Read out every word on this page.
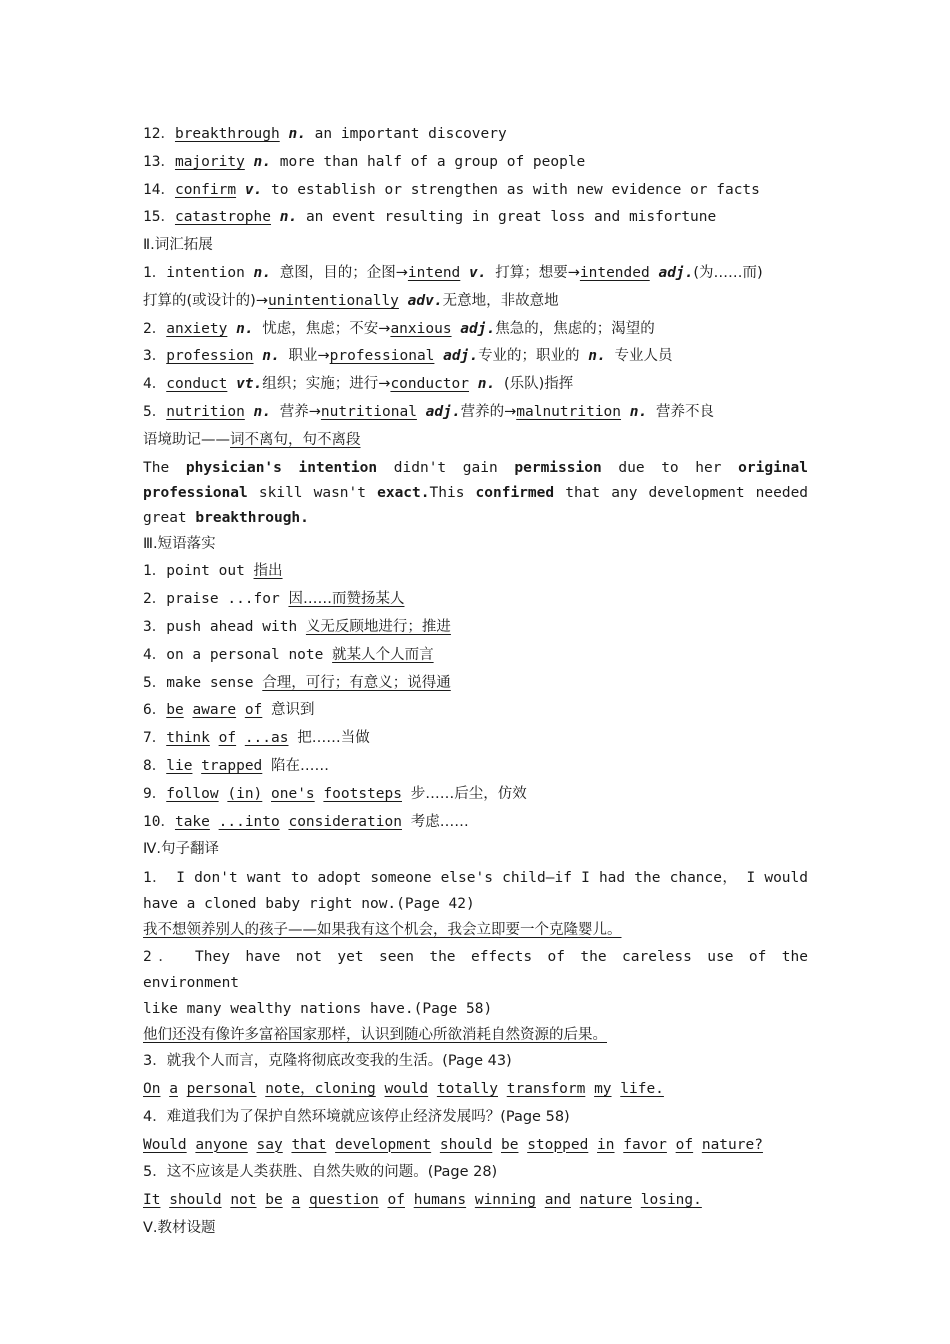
12．breakthrough n. an important discovery
13．majority n. more than half of a group of people
14．confirm v. to establish or strengthen as with new evidence or facts
15．catastrophe n. an event resulting in great loss and misfortune
Ⅱ.词汇拓展
1．intention n. 意图，目的；企图→intend v. 打算；想要→intended adj.(为……而)
打算的(或设计的)→unintentionally adv.无意地，非故意地
2．anxiety n. 忧虑，焦虑；不安→anxious adj.焦急的，焦虑的；渴望的
3．profession n. 职业→professional adj.专业的；职业的 n. 专业人员
4．conduct vt.组织；实施；进行→conductor n. (乐队)指挥
5．nutrition n. 营养→nutritional adj.营养的→malnutrition n. 营养不良
语境助记——词不离句，句不离段
The physician's intention didn't gain permission due to her original
professional skill wasn't exact.This confirmed that any development needed
great breakthrough.
Ⅲ.短语落实
1．point out 指出
2．praise ...for 因……而赞扬某人
3．push ahead with 义无反顾地进行；推进
4．on a personal note 就某人个人而言
5．make sense 合理，可行；有意义；说得通
6．be aware of 意识到
7．think of ...as 把……当做
8．lie trapped 陷在……
9．follow (in) one's footsteps 步……后尘，仿效
10．take ...into consideration 考虑……
Ⅳ.句子翻译
1． I don't want to adopt someone else's child—if I had the chance， I would
have a cloned baby right now.(Page 42)
我不想领养别人的孩子——如果我有这个机会，我会立即要一个克隆婴儿。
2． They have not yet seen the effects of the careless use of the environment
like many wealthy nations have.(Page 58)
他们还没有像许多富裕国家那样，认识到随心所欲消耗自然资源的后果。
3．就我个人而言，克隆将彻底改变我的生活。(Page 43)
On a personal note，cloning would totally transform my life.
4．难道我们为了保护自然环境就应该停止经济发展吗？(Page 58)
Would anyone say that development should be stopped in favor of nature?
5．这不应该是人类获胜、自然失败的问题。(Page 28)
It should not be a question of humans winning and nature losing.
Ⅴ.教材设题
